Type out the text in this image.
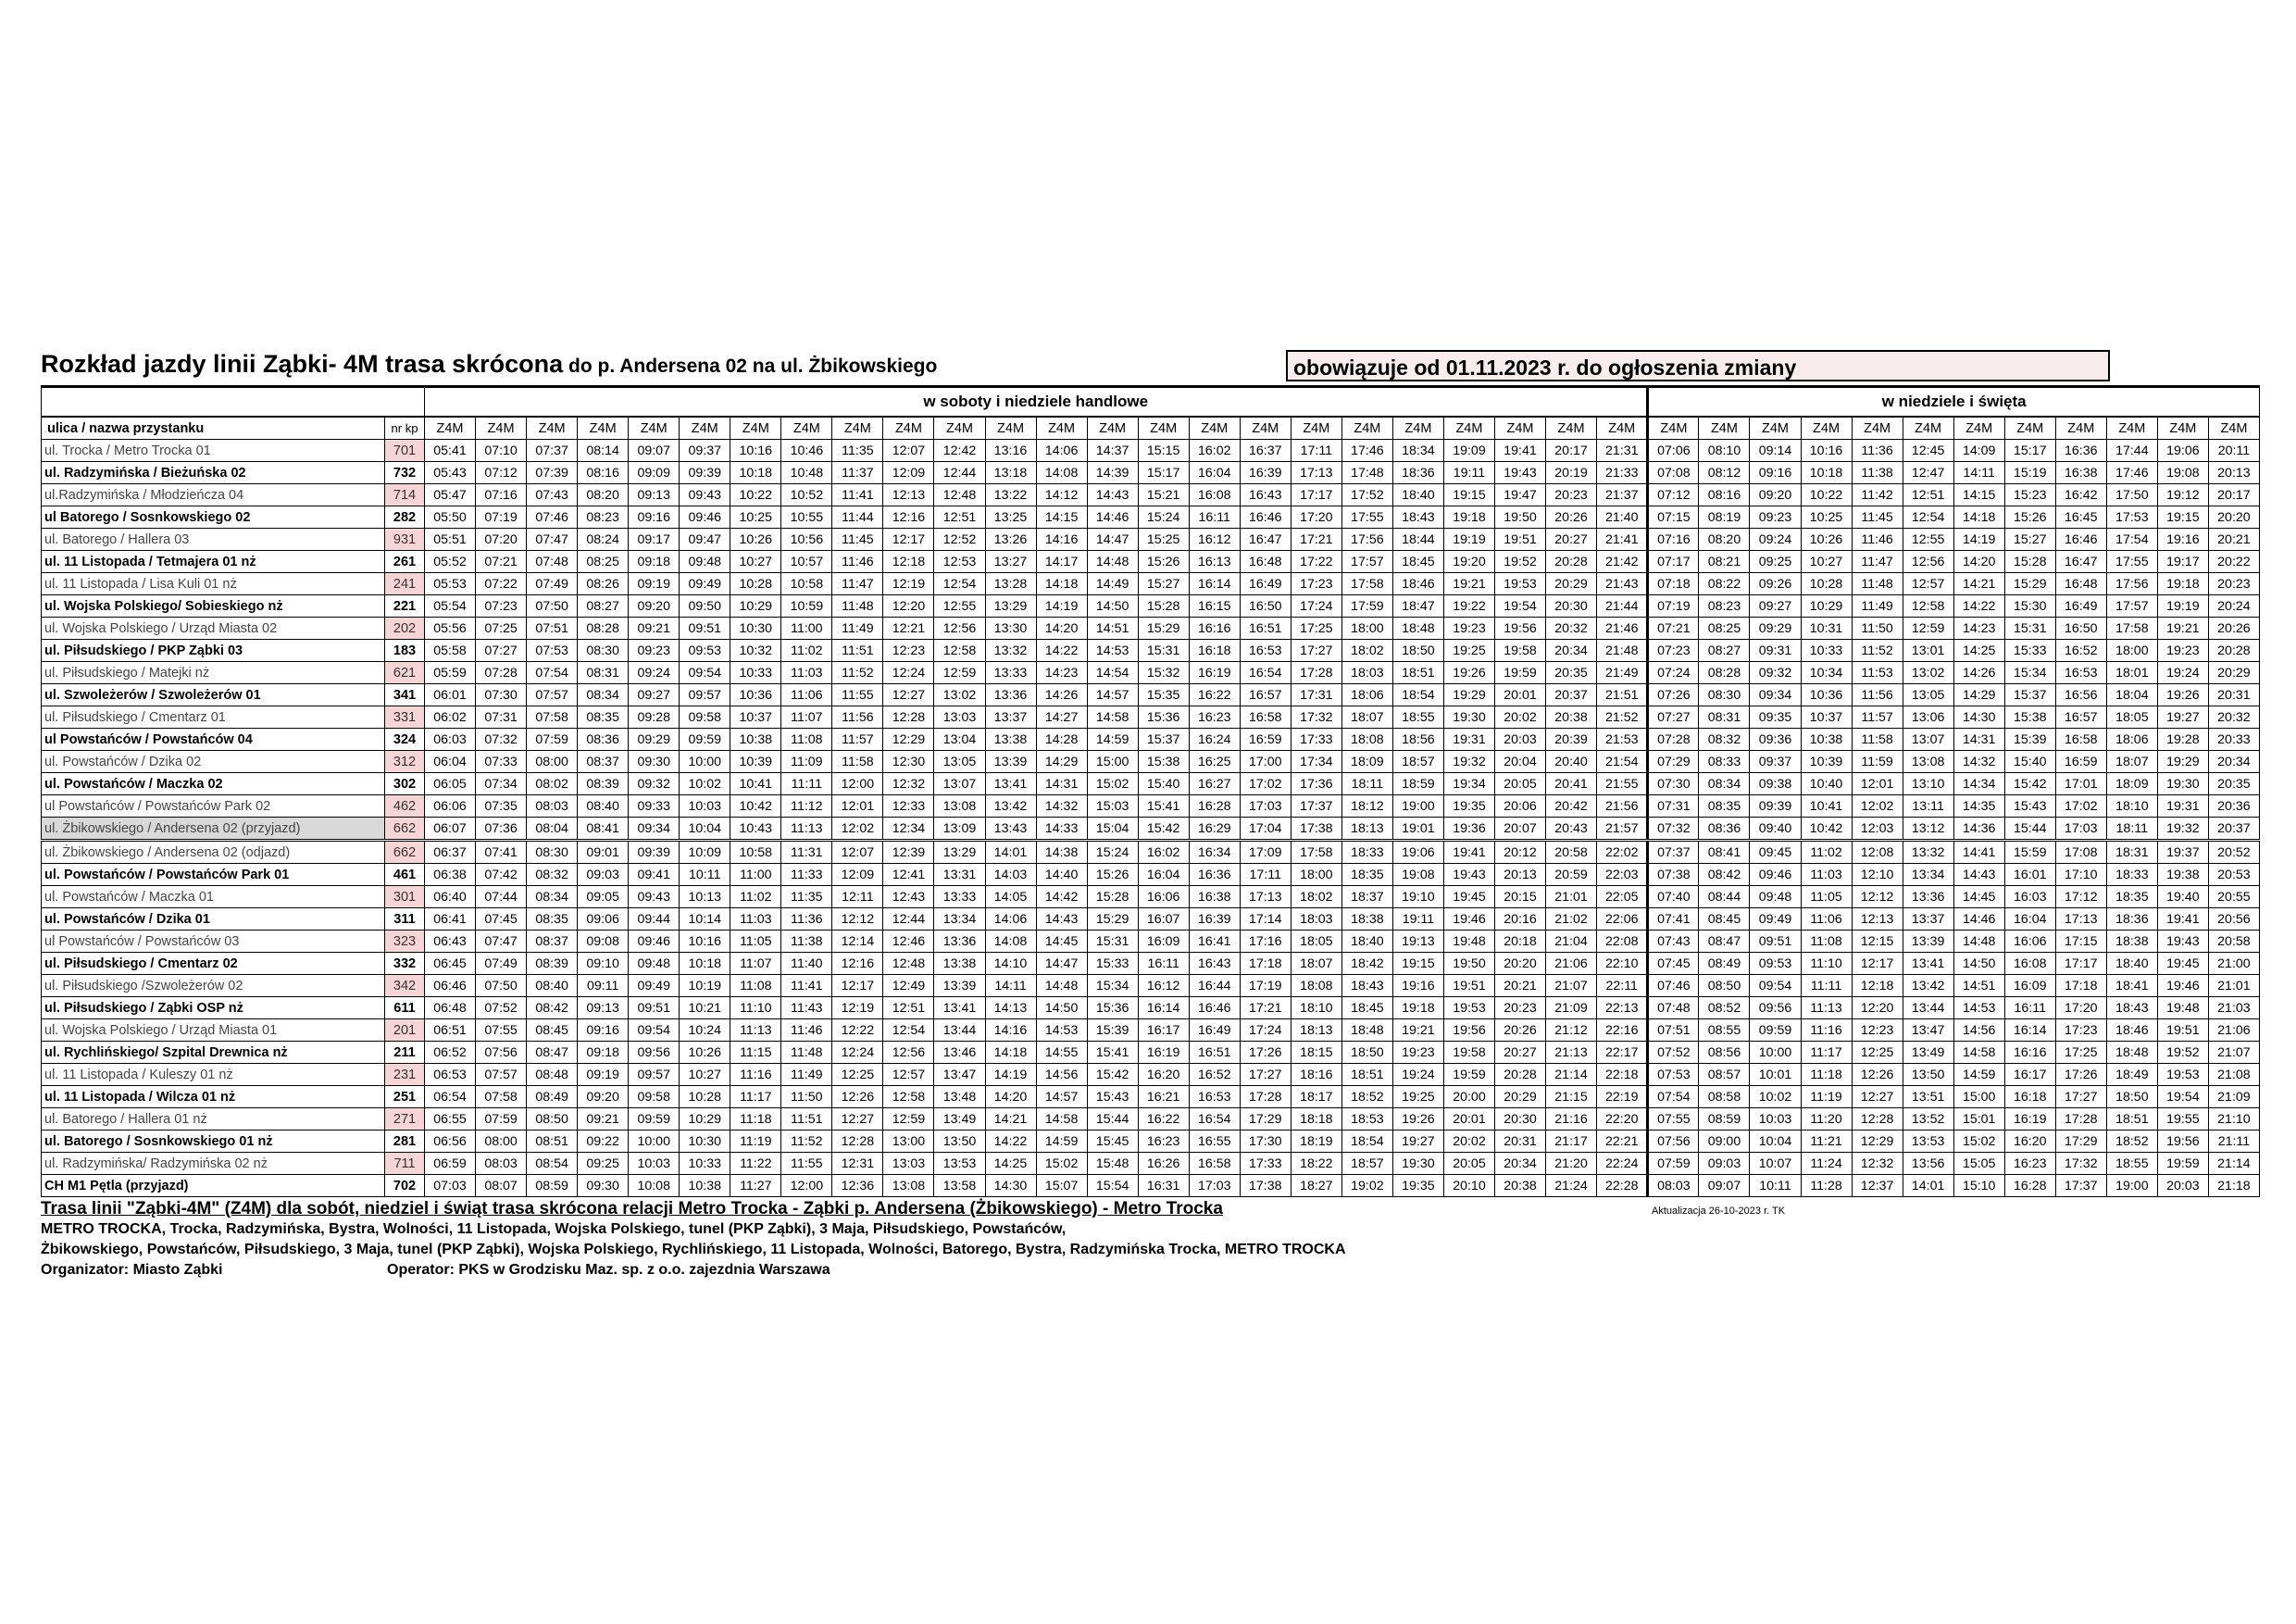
Rozkład jazdy linii Ząbki- 4M trasa skrócona do p. Andersena 02 na ul. Żbikowskiego	obowiązuje od 01.11.2023 r. do ogłoszenia zmiany
		w soboty i niedziele handlowe																								w niedziele i święta											
ulica / nazwa przystanku	nr kp	Z4M	Z4M	Z4M	Z4M	Z4M	Z4M	Z4M	Z4M	Z4M	Z4M	Z4M	Z4M	Z4M	Z4M	Z4M	Z4M	Z4M	Z4M	Z4M	Z4M	Z4M	Z4M	Z4M	Z4M	Z4M	Z4M	Z4M	Z4M	Z4M	Z4M	Z4M	Z4M	Z4M	Z4M	Z4M	Z4M
ul. Trocka / Metro Trocka 01	701	05:41	07:10	07:37	08:14	09:07	09:37	10:16	10:46	11:35	12:07	12:42	13:16	14:06	14:37	15:15	16:02	16:37	17:11	17:46	18:34	19:09	19:41	20:17	21:31	07:06	08:10	09:14	10:16	11:36	12:45	14:09	15:17	16:36	17:44	19:06	20:11
ul. Radzymińska / Bieżuńska 02	732	05:43	07:12	07:39	08:16	09:09	09:39	10:18	10:48	11:37	12:09	12:44	13:18	14:08	14:39	15:17	16:04	16:39	17:13	17:48	18:36	19:11	19:43	20:19	21:33	07:08	08:12	09:16	10:18	11:38	12:47	14:11	15:19	16:38	17:46	19:08	20:13
ul.Radzymińska / Młodzieńcza 04	714	05:47	07:16	07:43	08:20	09:13	09:43	10:22	10:52	11:41	12:13	12:48	13:22	14:12	14:43	15:21	16:08	16:43	17:17	17:52	18:40	19:15	19:47	20:23	21:37	07:12	08:16	09:20	10:22	11:42	12:51	14:15	15:23	16:42	17:50	19:12	20:17
ul Batorego / Sosnkowskiego 02	282	05:50	07:19	07:46	08:23	09:16	09:46	10:25	10:55	11:44	12:16	12:51	13:25	14:15	14:46	15:24	16:11	16:46	17:20	17:55	18:43	19:18	19:50	20:26	21:40	07:15	08:19	09:23	10:25	11:45	12:54	14:18	15:26	16:45	17:53	19:15	20:20
ul. Batorego / Hallera 03	931	05:51	07:20	07:47	08:24	09:17	09:47	10:26	10:56	11:45	12:17	12:52	13:26	14:16	14:47	15:25	16:12	16:47	17:21	17:56	18:44	19:19	19:51	20:27	21:41	07:16	08:20	09:24	10:26	11:46	12:55	14:19	15:27	16:46	17:54	19:16	20:21
ul. 11 Listopada / Tetmajera 01 nż	261	05:52	07:21	07:48	08:25	09:18	09:48	10:27	10:57	11:46	12:18	12:53	13:27	14:17	14:48	15:26	16:13	16:48	17:22	17:57	18:45	19:20	19:52	20:28	21:42	07:17	08:21	09:25	10:27	11:47	12:56	14:20	15:28	16:47	17:55	19:17	20:22
ul. 11 Listopada / Lisa Kuli 01 nż	241	05:53	07:22	07:49	08:26	09:19	09:49	10:28	10:58	11:47	12:19	12:54	13:28	14:18	14:49	15:27	16:14	16:49	17:23	17:58	18:46	19:21	19:53	20:29	21:43	07:18	08:22	09:26	10:28	11:48	12:57	14:21	15:29	16:48	17:56	19:18	20:23
ul. Wojska Polskiego/ Sobieskiego nż	221	05:54	07:23	07:50	08:27	09:20	09:50	10:29	10:59	11:48	12:20	12:55	13:29	14:19	14:50	15:28	16:15	16:50	17:24	17:59	18:47	19:22	19:54	20:30	21:44	07:19	08:23	09:27	10:29	11:49	12:58	14:22	15:30	16:49	17:57	19:19	20:24
ul. Wojska Polskiego / Urząd Miasta 02	202	05:56	07:25	07:51	08:28	09:21	09:51	10:30	11:00	11:49	12:21	12:56	13:30	14:20	14:51	15:29	16:16	16:51	17:25	18:00	18:48	19:23	19:56	20:32	21:46	07:21	08:25	09:29	10:31	11:50	12:59	14:23	15:31	16:50	17:58	19:21	20:26
ul. Piłsudskiego / PKP Ząbki 03	183	05:58	07:27	07:53	08:30	09:23	09:53	10:32	11:02	11:51	12:23	12:58	13:32	14:22	14:53	15:31	16:18	16:53	17:27	18:02	18:50	19:25	19:58	20:34	21:48	07:23	08:27	09:31	10:33	11:52	13:01	14:25	15:33	16:52	18:00	19:23	20:28
ul. Piłsudskiego / Matejki nż	621	05:59	07:28	07:54	08:31	09:24	09:54	10:33	11:03	11:52	12:24	12:59	13:33	14:23	14:54	15:32	16:19	16:54	17:28	18:03	18:51	19:26	19:59	20:35	21:49	07:24	08:28	09:32	10:34	11:53	13:02	14:26	15:34	16:53	18:01	19:24	20:29
ul. Szwoleżerów / Szwoleżerów 01	341	06:01	07:30	07:57	08:34	09:27	09:57	10:36	11:06	11:55	12:27	13:02	13:36	14:26	14:57	15:35	16:22	16:57	17:31	18:06	18:54	19:29	20:01	20:37	21:51	07:26	08:30	09:34	10:36	11:56	13:05	14:29	15:37	16:56	18:04	19:26	20:31
ul. Piłsudskiego / Cmentarz 01	331	06:02	07:31	07:58	08:35	09:28	09:58	10:37	11:07	11:56	12:28	13:03	13:37	14:27	14:58	15:36	16:23	16:58	17:32	18:07	18:55	19:30	20:02	20:38	21:52	07:27	08:31	09:35	10:37	11:57	13:06	14:30	15:38	16:57	18:05	19:27	20:32
ul Powstańców / Powstańców 04	324	06:03	07:32	07:59	08:36	09:29	09:59	10:38	11:08	11:57	12:29	13:04	13:38	14:28	14:59	15:37	16:24	16:59	17:33	18:08	18:56	19:31	20:03	20:39	21:53	07:28	08:32	09:36	10:38	11:58	13:07	14:31	15:39	16:58	18:06	19:28	20:33
ul. Powstańców / Dzika 02	312	06:04	07:33	08:00	08:37	09:30	10:00	10:39	11:09	11:58	12:30	13:05	13:39	14:29	15:00	15:38	16:25	17:00	17:34	18:09	18:57	19:32	20:04	20:40	21:54	07:29	08:33	09:37	10:39	11:59	13:08	14:32	15:40	16:59	18:07	19:29	20:34
ul. Powstańców / Maczka 02	302	06:05	07:34	08:02	08:39	09:32	10:02	10:41	11:11	12:00	12:32	13:07	13:41	14:31	15:02	15:40	16:27	17:02	17:36	18:11	18:59	19:34	20:05	20:41	21:55	07:30	08:34	09:38	10:40	12:01	13:10	14:34	15:42	17:01	18:09	19:30	20:35
ul Powstańców / Powstańców Park 02	462	06:06	07:35	08:03	08:40	09:33	10:03	10:42	11:12	12:01	12:33	13:08	13:42	14:32	15:03	15:41	16:28	17:03	17:37	18:12	19:00	19:35	20:06	20:42	21:56	07:31	08:35	09:39	10:41	12:02	13:11	14:35	15:43	17:02	18:10	19:31	20:36
ul. Żbikowskiego / Andersena 02 (przyjazd)	662	06:07	07:36	08:04	08:41	09:34	10:04	10:43	11:13	12:02	12:34	13:09	13:43	14:33	15:04	15:42	16:29	17:04	17:38	18:13	19:01	19:36	20:07	20:43	21:57	07:32	08:36	09:40	10:42	12:03	13:12	14:36	15:44	17:03	18:11	19:32	20:37
ul. Żbikowskiego / Andersena 02 (odjazd)	662	06:37	07:41	08:30	09:01	09:39	10:09	10:58	11:31	12:07	12:39	13:29	14:01	14:38	15:24	16:02	16:34	17:09	17:58	18:33	19:06	19:41	20:12	20:58	22:02	07:37	08:41	09:45	11:02	12:08	13:32	14:41	15:59	17:08	18:31	19:37	20:52
ul. Powstańców / Powstańców Park 01	461	06:38	07:42	08:32	09:03	09:41	10:11	11:00	11:33	12:09	12:41	13:31	14:03	14:40	15:26	16:04	16:36	17:11	18:00	18:35	19:08	19:43	20:13	20:59	22:03	07:38	08:42	09:46	11:03	12:10	13:34	14:43	16:01	17:10	18:33	19:38	20:53
ul. Powstańców / Maczka 01	301	06:40	07:44	08:34	09:05	09:43	10:13	11:02	11:35	12:11	12:43	13:33	14:05	14:42	15:28	16:06	16:38	17:13	18:02	18:37	19:10	19:45	20:15	21:01	22:05	07:40	08:44	09:48	11:05	12:12	13:36	14:45	16:03	17:12	18:35	19:40	20:55
ul. Powstańców / Dzika 01	311	06:41	07:45	08:35	09:06	09:44	10:14	11:03	11:36	12:12	12:44	13:34	14:06	14:43	15:29	16:07	16:39	17:14	18:03	18:38	19:11	19:46	20:16	21:02	22:06	07:41	08:45	09:49	11:06	12:13	13:37	14:46	16:04	17:13	18:36	19:41	20:56
ul Powstańców / Powstańców 03	323	06:43	07:47	08:37	09:08	09:46	10:16	11:05	11:38	12:14	12:46	13:36	14:08	14:45	15:31	16:09	16:41	17:16	18:05	18:40	19:13	19:48	20:18	21:04	22:08	07:43	08:47	09:51	11:08	12:15	13:39	14:48	16:06	17:15	18:38	19:43	20:58
ul. Piłsudskiego / Cmentarz 02	332	06:45	07:49	08:39	09:10	09:48	10:18	11:07	11:40	12:16	12:48	13:38	14:10	14:47	15:33	16:11	16:43	17:18	18:07	18:42	19:15	19:50	20:20	21:06	22:10	07:45	08:49	09:53	11:10	12:17	13:41	14:50	16:08	17:17	18:40	19:45	21:00
ul. Piłsudskiego /Szwoleżerów 02	342	06:46	07:50	08:40	09:11	09:49	10:19	11:08	11:41	12:17	12:49	13:39	14:11	14:48	15:34	16:12	16:44	17:19	18:08	18:43	19:16	19:51	20:21	21:07	22:11	07:46	08:50	09:54	11:11	12:18	13:42	14:51	16:09	17:18	18:41	19:46	21:01
ul. Piłsudskiego / Ząbki OSP nż	611	06:48	07:52	08:42	09:13	09:51	10:21	11:10	11:43	12:19	12:51	13:41	14:13	14:50	15:36	16:14	16:46	17:21	18:10	18:45	19:18	19:53	20:23	21:09	22:13	07:48	08:52	09:56	11:13	12:20	13:44	14:53	16:11	17:20	18:43	19:48	21:03
ul. Wojska Polskiego / Urząd Miasta 01	201	06:51	07:55	08:45	09:16	09:54	10:24	11:13	11:46	12:22	12:54	13:44	14:16	14:53	15:39	16:17	16:49	17:24	18:13	18:48	19:21	19:56	20:26	21:12	22:16	07:51	08:55	09:59	11:16	12:23	13:47	14:56	16:14	17:23	18:46	19:51	21:06
ul. Rychlińskiego/ Szpital Drewnica nż	211	06:52	07:56	08:47	09:18	09:56	10:26	11:15	11:48	12:24	12:56	13:46	14:18	14:55	15:41	16:19	16:51	17:26	18:15	18:50	19:23	19:58	20:27	21:13	22:17	07:52	08:56	10:00	11:17	12:25	13:49	14:58	16:16	17:25	18:48	19:52	21:07
ul. 11 Listopada / Kuleszy 01 nż	231	06:53	07:57	08:48	09:19	09:57	10:27	11:16	11:49	12:25	12:57	13:47	14:19	14:56	15:42	16:20	16:52	17:27	18:16	18:51	19:24	19:59	20:28	21:14	22:18	07:53	08:57	10:01	11:18	12:26	13:50	14:59	16:17	17:26	18:49	19:53	21:08
ul. 11 Listopada / Wilcza 01 nż	251	06:54	07:58	08:49	09:20	09:58	10:28	11:17	11:50	12:26	12:58	13:48	14:20	14:57	15:43	16:21	16:53	17:28	18:17	18:52	19:25	20:00	20:29	21:15	22:19	07:54	08:58	10:02	11:19	12:27	13:51	15:00	16:18	17:27	18:50	19:54	21:09
ul. Batorego / Hallera 01 nż	271	06:55	07:59	08:50	09:21	09:59	10:29	11:18	11:51	12:27	12:59	13:49	14:21	14:58	15:44	16:22	16:54	17:29	18:18	18:53	19:26	20:01	20:30	21:16	22:20	07:55	08:59	10:03	11:20	12:28	13:52	15:01	16:19	17:28	18:51	19:55	21:10
ul. Batorego / Sosnkowskiego 01 nż	281	06:56	08:00	08:51	09:22	10:00	10:30	11:19	11:52	12:28	13:00	13:50	14:22	14:59	15:45	16:23	16:55	17:30	18:19	18:54	19:27	20:02	20:31	21:17	22:21	07:56	09:00	10:04	11:21	12:29	13:53	15:02	16:20	17:29	18:52	19:56	21:11
ul. Radzymińska/ Radzymińska 02 nż	711	06:59	08:03	08:54	09:25	10:03	10:33	11:22	11:55	12:31	13:03	13:53	14:25	15:02	15:48	16:26	16:58	17:33	18:22	18:57	19:30	20:05	20:34	21:20	22:24	07:59	09:03	10:07	11:24	12:32	13:56	15:05	16:23	17:32	18:55	19:59	21:14
CH M1 Pętla (przyjazd)	702	07:03	08:07	08:59	09:30	10:08	10:38	11:27	12:00	12:36	13:08	13:58	14:30	15:07	15:54	16:31	17:03	17:38	18:27	19:02	19:35	20:10	20:38	21:24	22:28	08:03	09:07	10:11	11:28	12:37	14:01	15:10	16:28	17:37	19:00	20:03	21:18
Trasa linii "Ząbki-4M" (Z4M) dla sobót, niedziel i świąt trasa skrócona relacji Metro Trocka - Ząbki p. Andersena (Żbikowskiego) - Metro Trocka	Aktualizacja 26-10-2023 r. TK
METRO TROCKA, Trocka, Radzymińska, Bystra, Wolności, 11 Listopada, Wojska Polskiego, tunel (PKP Ząbki), 3 Maja, Piłsudskiego, Powstańców,
Żbikowskiego, Powstańców, Piłsudskiego, 3 Maja, tunel (PKP Ząbki), Wojska Polskiego, Rychlińskiego, 11 Listopada, Wolności, Batorego, Bystra, Radzymińska Trocka, METRO TROCKA
Organizator: Miasto Ząbki	Operator: PKS w Grodzisku Maz. sp. z o.o. zajezdnia Warszawa
